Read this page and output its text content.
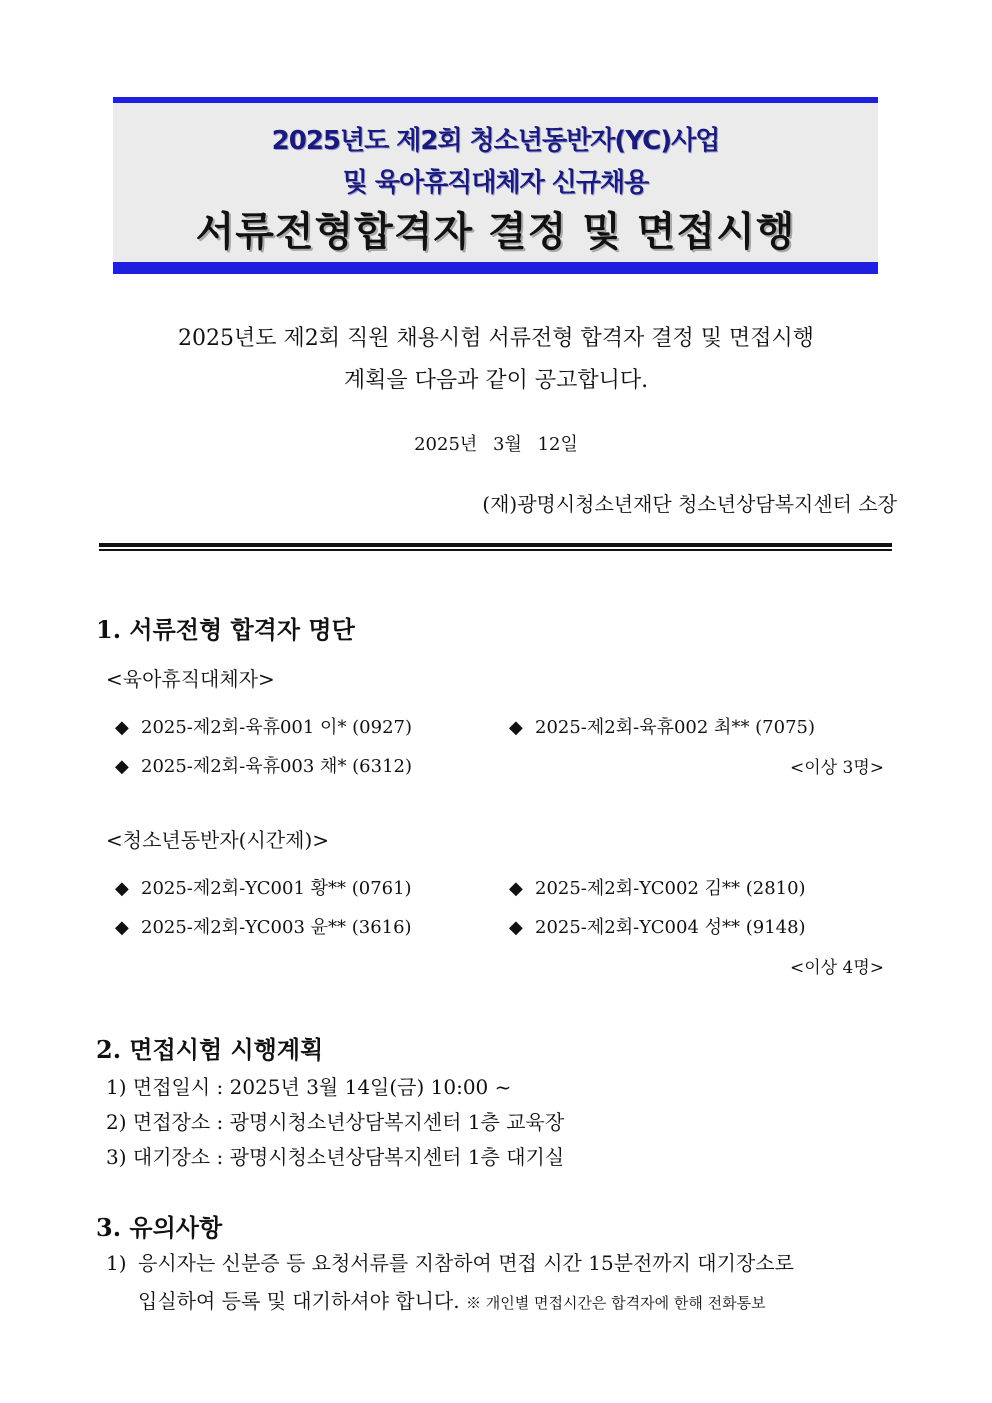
2025년도 제2회 청소년동반자(YC)사업
및 육아휴직대체자 신규채용
서류전형합격자 결정 및 면접시행
2025년도 제2회 직원 채용시험 서류전형 합격자 결정 및 면접시행
계획을 다음과 같이 공고합니다.
2025년 3월 12일
(재)광명시청소년재단 청소년상담복지센터 소장
1. 서류전형 합격자 명단
<육아휴직대체자>
◆ 2025-제2회-육휴001 이* (0927)	◆ 2025-제2회-육휴002 최** (7075)
◆ 2025-제2회-육휴003 채* (6312)	<이상 3명>
<청소년동반자(시간제)>
◆ 2025-제2회-YC001 황** (0761)	◆ 2025-제2회-YC002 김** (2810)
◆ 2025-제2회-YC003 윤** (3616)	◆ 2025-제2회-YC004 성** (9148)
<이상 4명>
2. 면접시험 시행계획
1) 면접일시 : 2025년 3월 14일(금) 10:00 ~
2) 면접장소 : 광명시청소년상담복지센터 1층 교육장
3) 대기장소 : 광명시청소년상담복지센터 1층 대기실
3. 유의사항
1) 응시자는 신분증 등 요청서류를 지참하여 면접 시간 15분전까지 대기장소로
입실하여 등록 및 대기하셔야 합니다. ※ 개인별 면접시간은 합격자에 한해 전화통보
